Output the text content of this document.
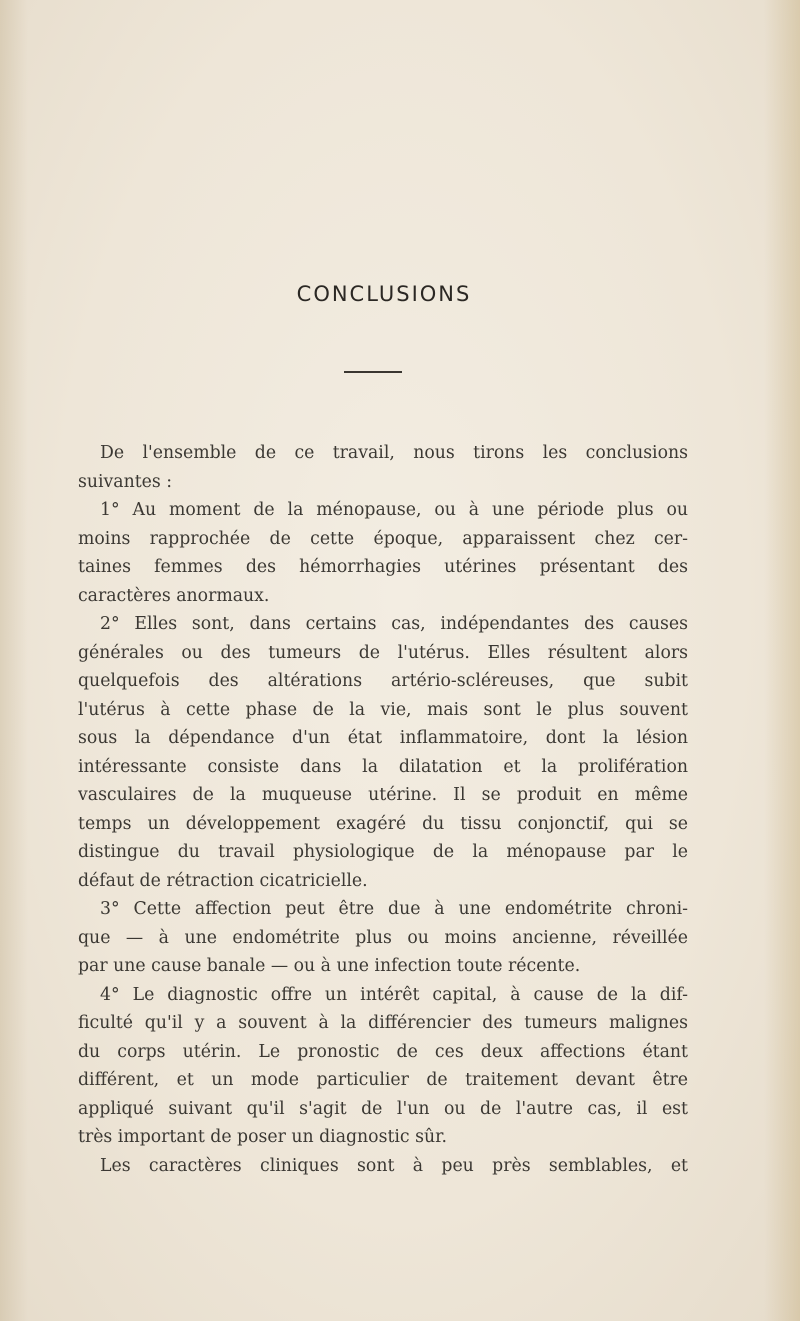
CONCLUSIONS
De l'ensemble de ce travail, nous tirons les conclusions
suivantes :
1° Au moment de la ménopause, ou à une période plus ou
moins rapprochée de cette époque, apparaissent chez cer-
taines femmes des hémorrhagies utérines présentant des
caractères anormaux.
2° Elles sont, dans certains cas, indépendantes des causes
générales ou des tumeurs de l'utérus. Elles résultent alors
quelquefois des altérations artério-scléreuses, que subit
l'utérus à cette phase de la vie, mais sont le plus souvent
sous la dépendance d'un état inflammatoire, dont la lésion
intéressante consiste dans la dilatation et la prolifération
vasculaires de la muqueuse utérine. Il se produit en même
temps un développement exagéré du tissu conjonctif, qui se
distingue du travail physiologique de la ménopause par le
défaut de rétraction cicatricielle.
3° Cette affection peut être due à une endométrite chroni-
que — à une endométrite plus ou moins ancienne, réveillée
par une cause banale — ou à une infection toute récente.
4° Le diagnostic offre un intérêt capital, à cause de la dif-
ficulté qu'il y a souvent à la différencier des tumeurs malignes
du corps utérin. Le pronostic de ces deux affections étant
différent, et un mode particulier de traitement devant être
appliqué suivant qu'il s'agit de l'un ou de l'autre cas, il est
très important de poser un diagnostic sûr.
Les caractères cliniques sont à peu près semblables, et
